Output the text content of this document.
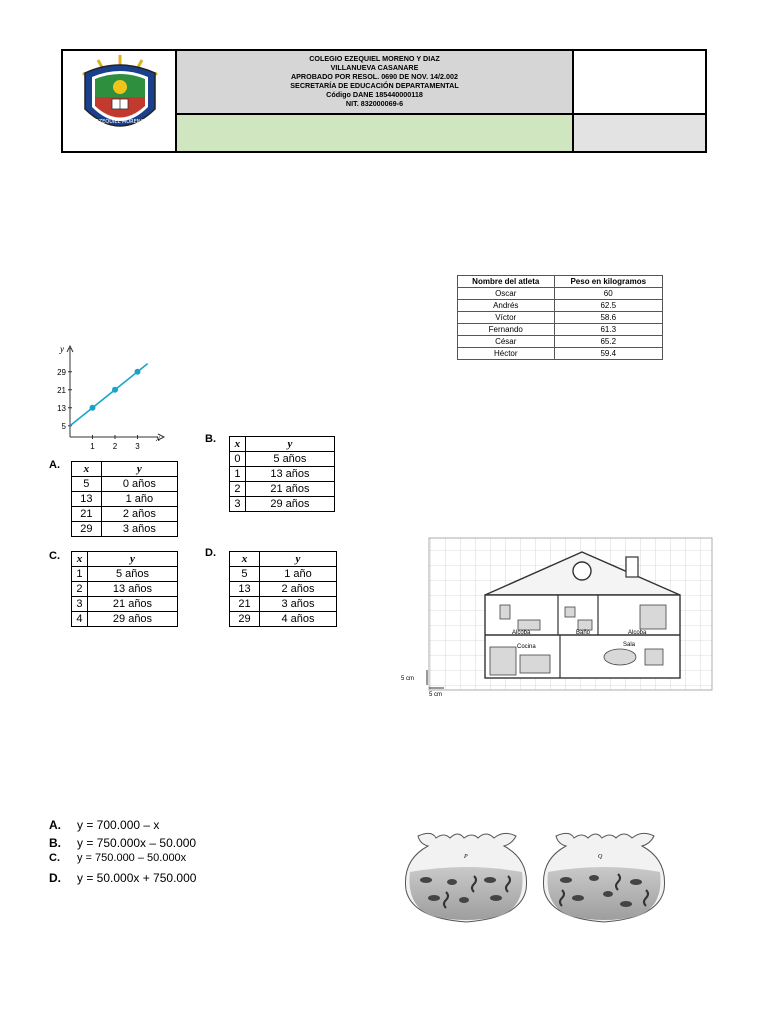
EZEQUIEL MORENO
COLEGIO EZEQUIEL MORENO Y DIAZ
VILLANUEVA CASANARE
APROBADO POR RESOL. 0690 DE NOV. 14/2.002
SECRETARÍA DE EDUCACIÓN DEPARTAMENTAL
Código DANE 185440000118
NIT. 832000069-6
Nombre del atleta	Peso en kilogramos
Oscar	60
Andrés	62.5
Víctor	58.6
Fernando	61.3
César	65.2
Héctor	59.4
x
y
5
13
21
29
1 2 3
A. x	y
5	0 años
13	1 año
21	2 años
29	3 años
B. x	y
0	5 años
1	13 años
2	21 años
3	29 años
C. x	y
1	5 años
2	13 años
3	21 años
4	29 años
D. x	y
5	1 año
13	2 años
21	3 años
29	4 años
Alcoba	Baño	Alcoba
Cocina	Sala
5 cm
5 cm
A. y = 700.000 – x
B. y = 750.000x – 50.000
C. y = 750.000 – 50.000x
D. y = 50.000x + 750.000
P	Q
